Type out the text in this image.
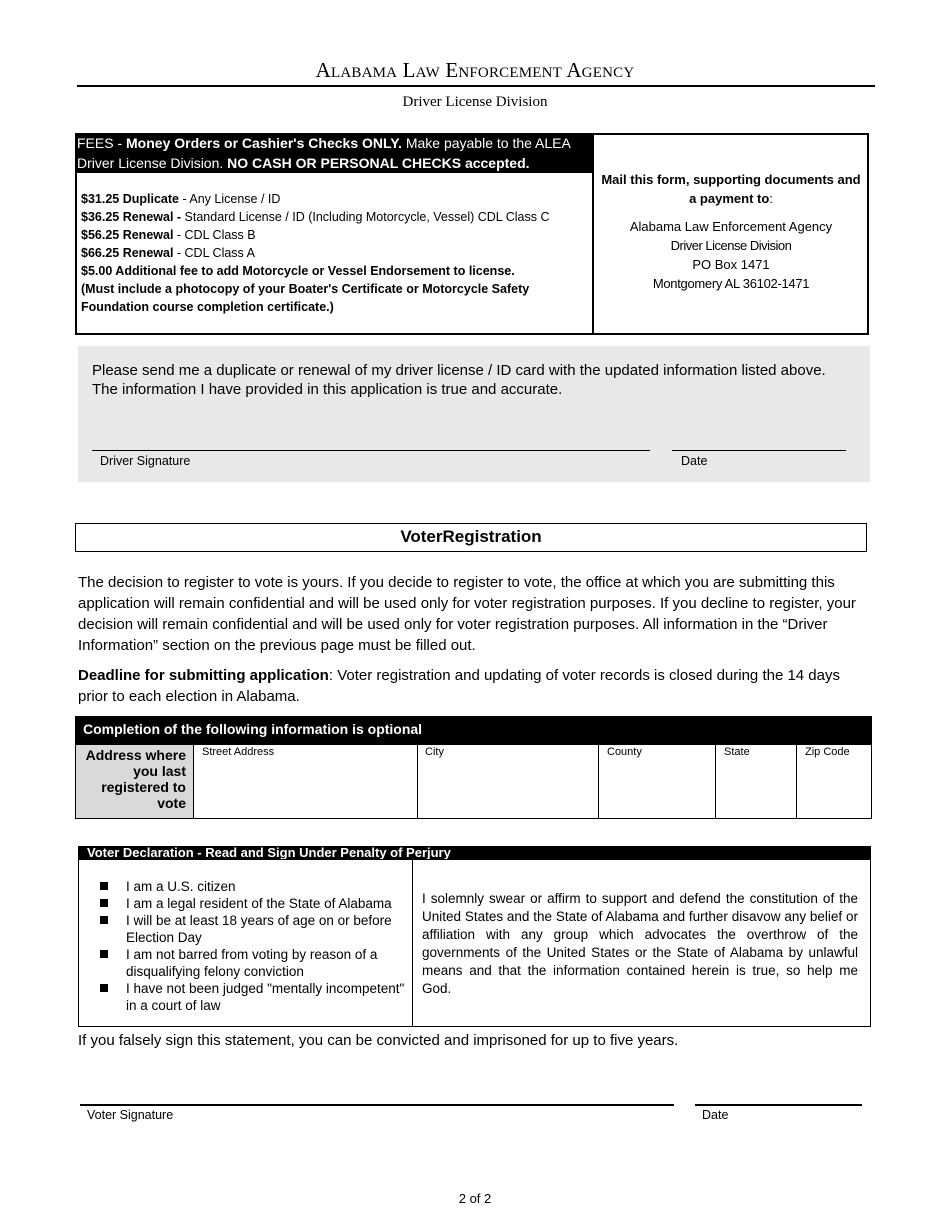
Alabama Law Enforcement Agency
Driver License Division
FEES - Money Orders or Cashier's Checks ONLY. Make payable to the ALEA Driver License Division. NO CASH OR PERSONAL CHECKS accepted.
$31.25 Duplicate - Any License / ID
$36.25 Renewal - Standard License / ID (Including Motorcycle, Vessel) CDL Class C
$56.25 Renewal - CDL Class B
$66.25 Renewal - CDL Class A
$5.00 Additional fee to add Motorcycle or Vessel Endorsement to license.
(Must include a photocopy of your Boater's Certificate or Motorcycle Safety Foundation course completion certificate.)
Mail this form, supporting documents and a payment to:
Alabama Law Enforcement Agency
Driver License Division
PO Box 1471
Montgomery AL 36102-1471
Please send me a duplicate or renewal of my driver license / ID card with the updated information listed above. The information I have provided in this application is true and accurate.
Driver Signature	Date
VoterRegistration
The decision to register to vote is yours. If you decide to register to vote, the office at which you are submitting this application will remain confidential and will be used only for voter registration purposes. If you decline to register, your decision will remain confidential and will be used only for voter registration purposes. All information in the “Driver Information” section on the previous page must be filled out.
Deadline for submitting application: Voter registration and updating of voter records is closed during the 14 days prior to each election in Alabama.
Completion of the following information is optional
Address where you last registered to vote
Street Address	City	County	State	Zip Code
Voter Declaration - Read and Sign Under Penalty of Perjury
I am a U.S. citizen
I am a legal resident of the State of Alabama
I will be at least 18 years of age on or before Election Day
I am not barred from voting by reason of a disqualifying felony conviction
I have not been judged "mentally incompetent" in a court of law
I solemnly swear or affirm to support and defend the constitution of the United States and the State of Alabama and further disavow any belief or affiliation with any group which advocates the overthrow of the governments of the United States or the State of Alabama by unlawful means and that the information contained herein is true, so help me God.
If you falsely sign this statement, you can be convicted and imprisoned for up to five years.
Voter Signature	Date
2 of 2
